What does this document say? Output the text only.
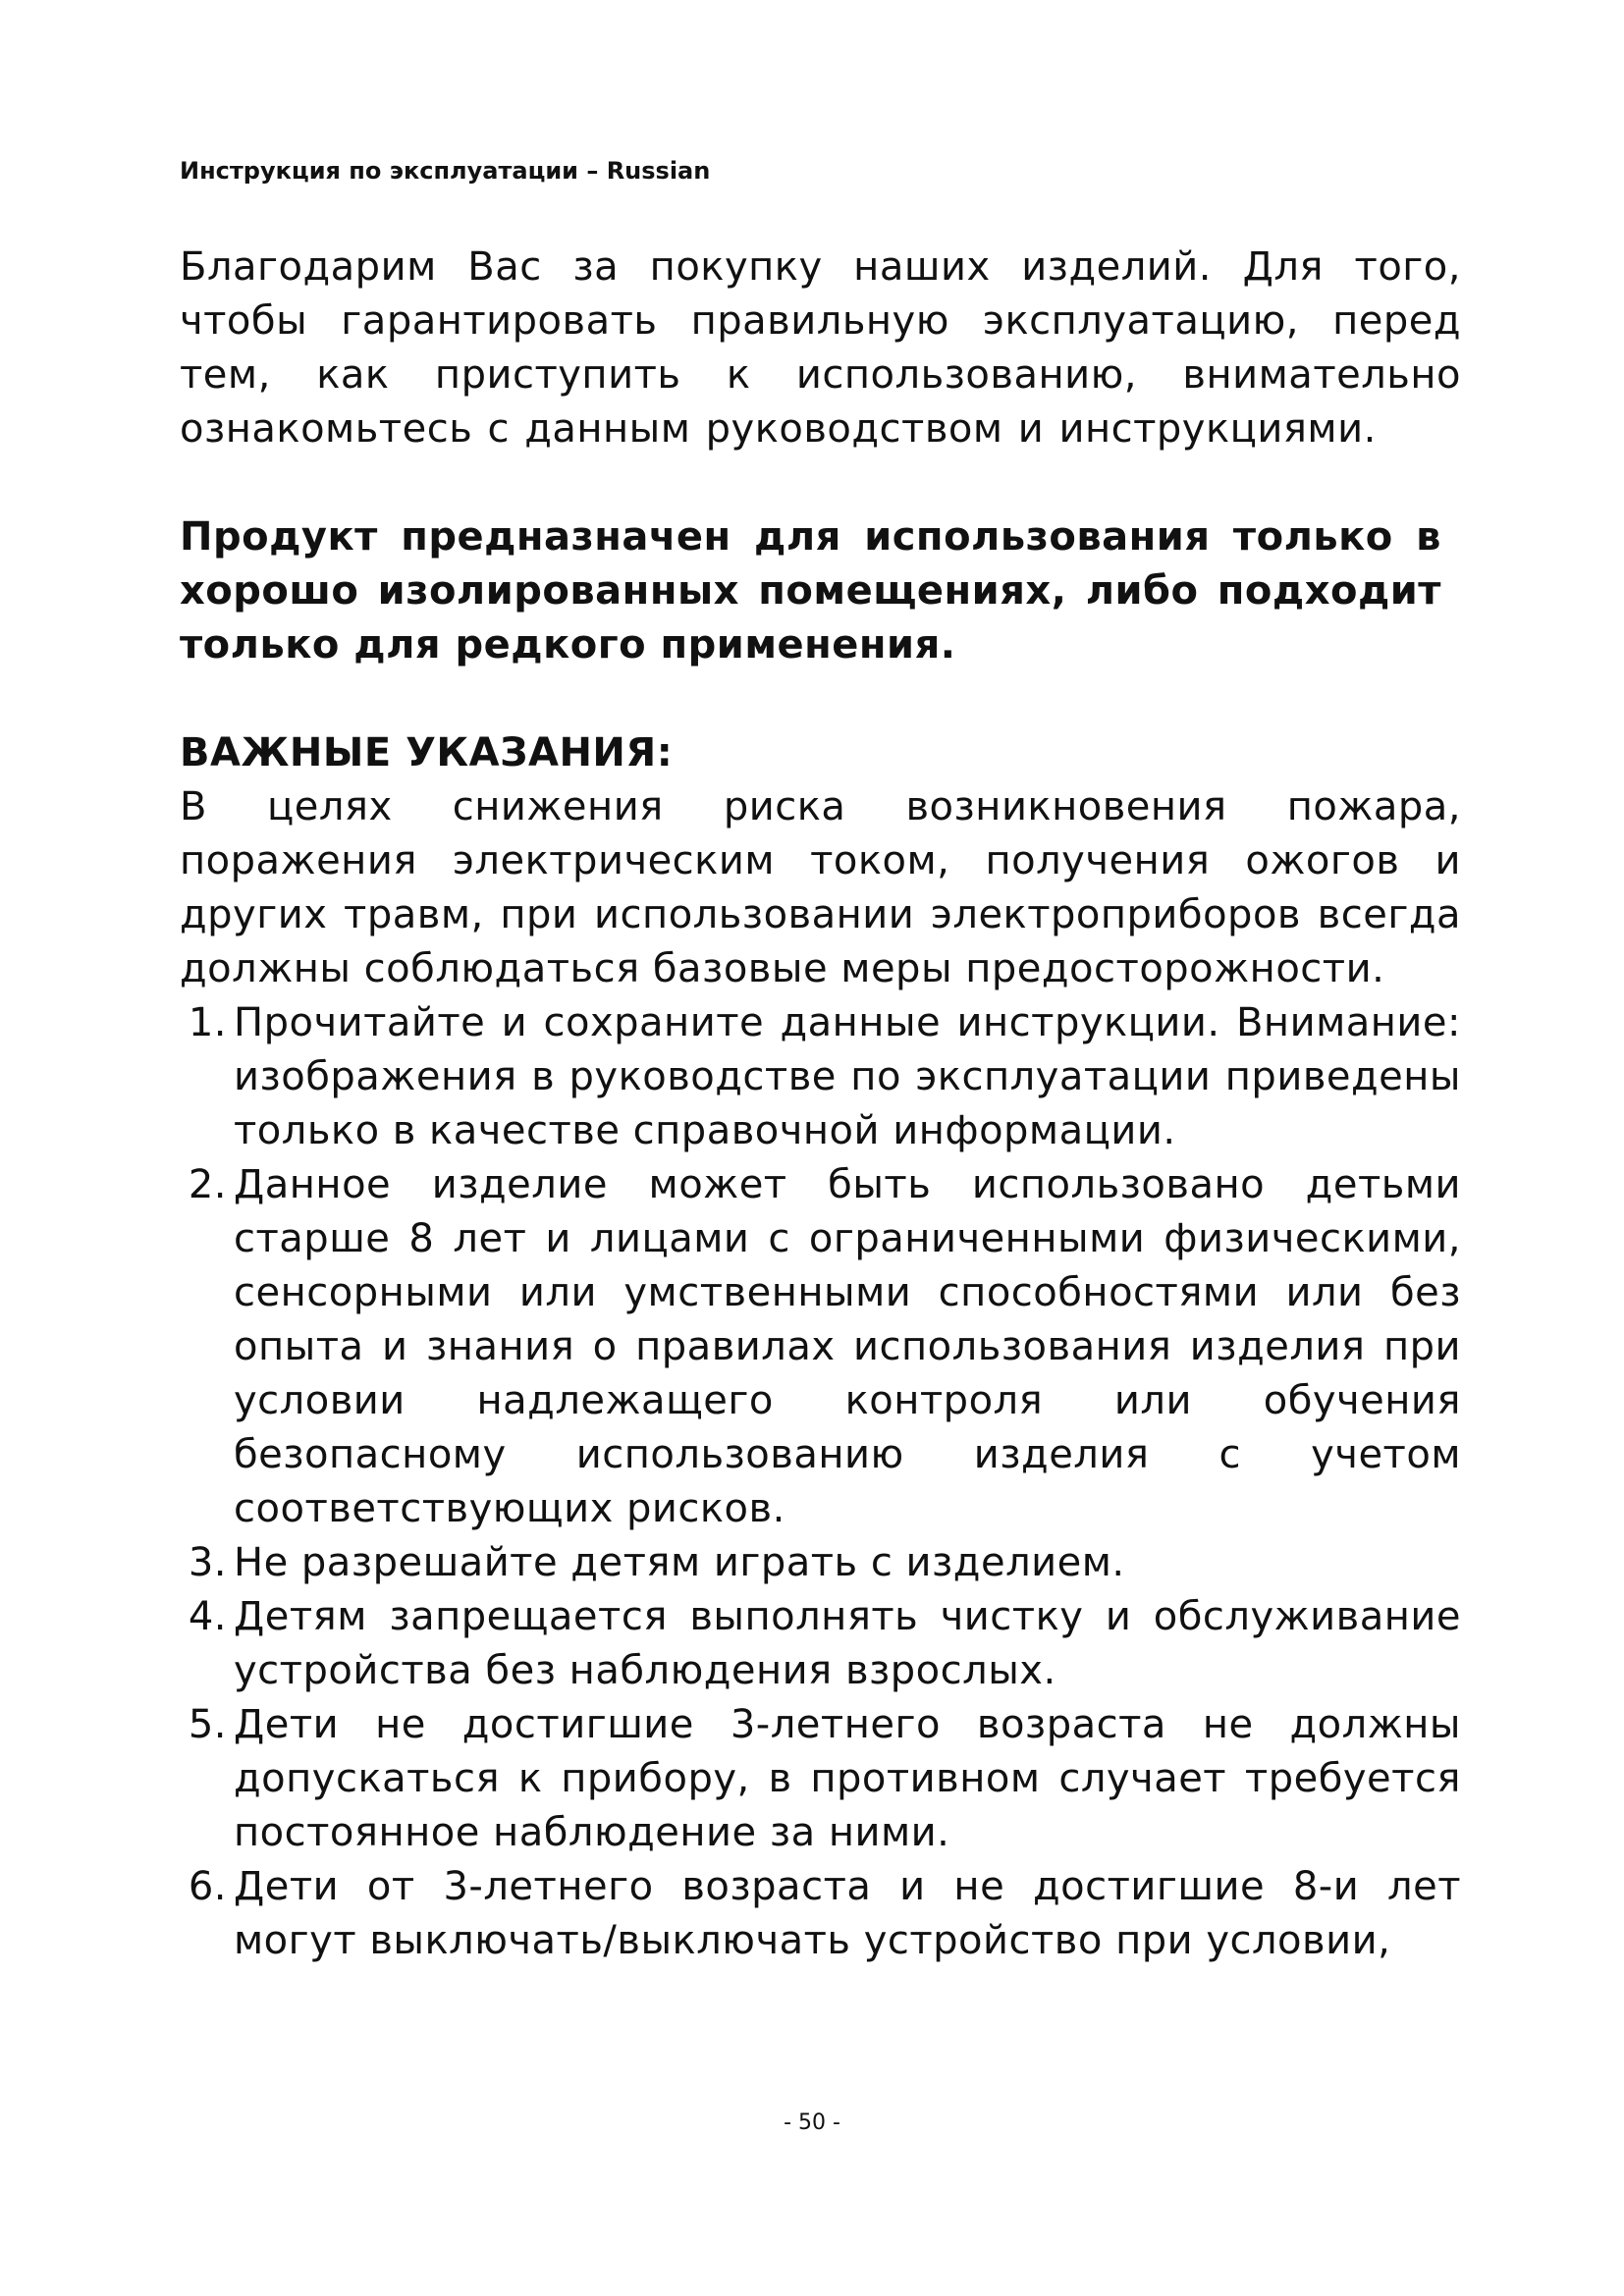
Инструкция по эксплуатации – Russian

Благодарим Вас за покупку наших изделий. Для того, чтобы гарантировать правильную эксплуатацию, перед тем, как приступить к использованию, внимательно ознакомьтесь с данным руководством и инструкциями.

Продукт предназначен для использования только в хорошо изолированных помещениях, либо подходит только для редкого применения.

ВАЖНЫЕ УКАЗАНИЯ:

В целях снижения риска возникновения пожара, поражения электрическим током, получения ожогов и других травм, при использовании электроприборов всегда должны соблюдаться базовые меры предосторожности.

1. Прочитайте и сохраните данные инструкции. Внимание: изображения в руководстве по эксплуатации приведены только в качестве справочной информации.
2. Данное изделие может быть использовано детьми старше 8 лет и лицами с ограниченными физическими, сенсорными или умственными способностями или без опыта и знания о правилах использования изделия при условии надлежащего контроля или обучения безопасному использованию изделия с учетом соответствующих рисков.
3. Не разрешайте детям играть с изделием.
4. Детям запрещается выполнять чистку и обслуживание устройства без наблюдения взрослых.
5. Дети не достигшие 3-летнего возраста не должны допускаться к прибору, в противном случает требуется постоянное наблюдение за ними.
6. Дети от 3-летнего возраста и не достигшие 8-и лет могут выключать/выключать устройство при условии,
- 50 -
